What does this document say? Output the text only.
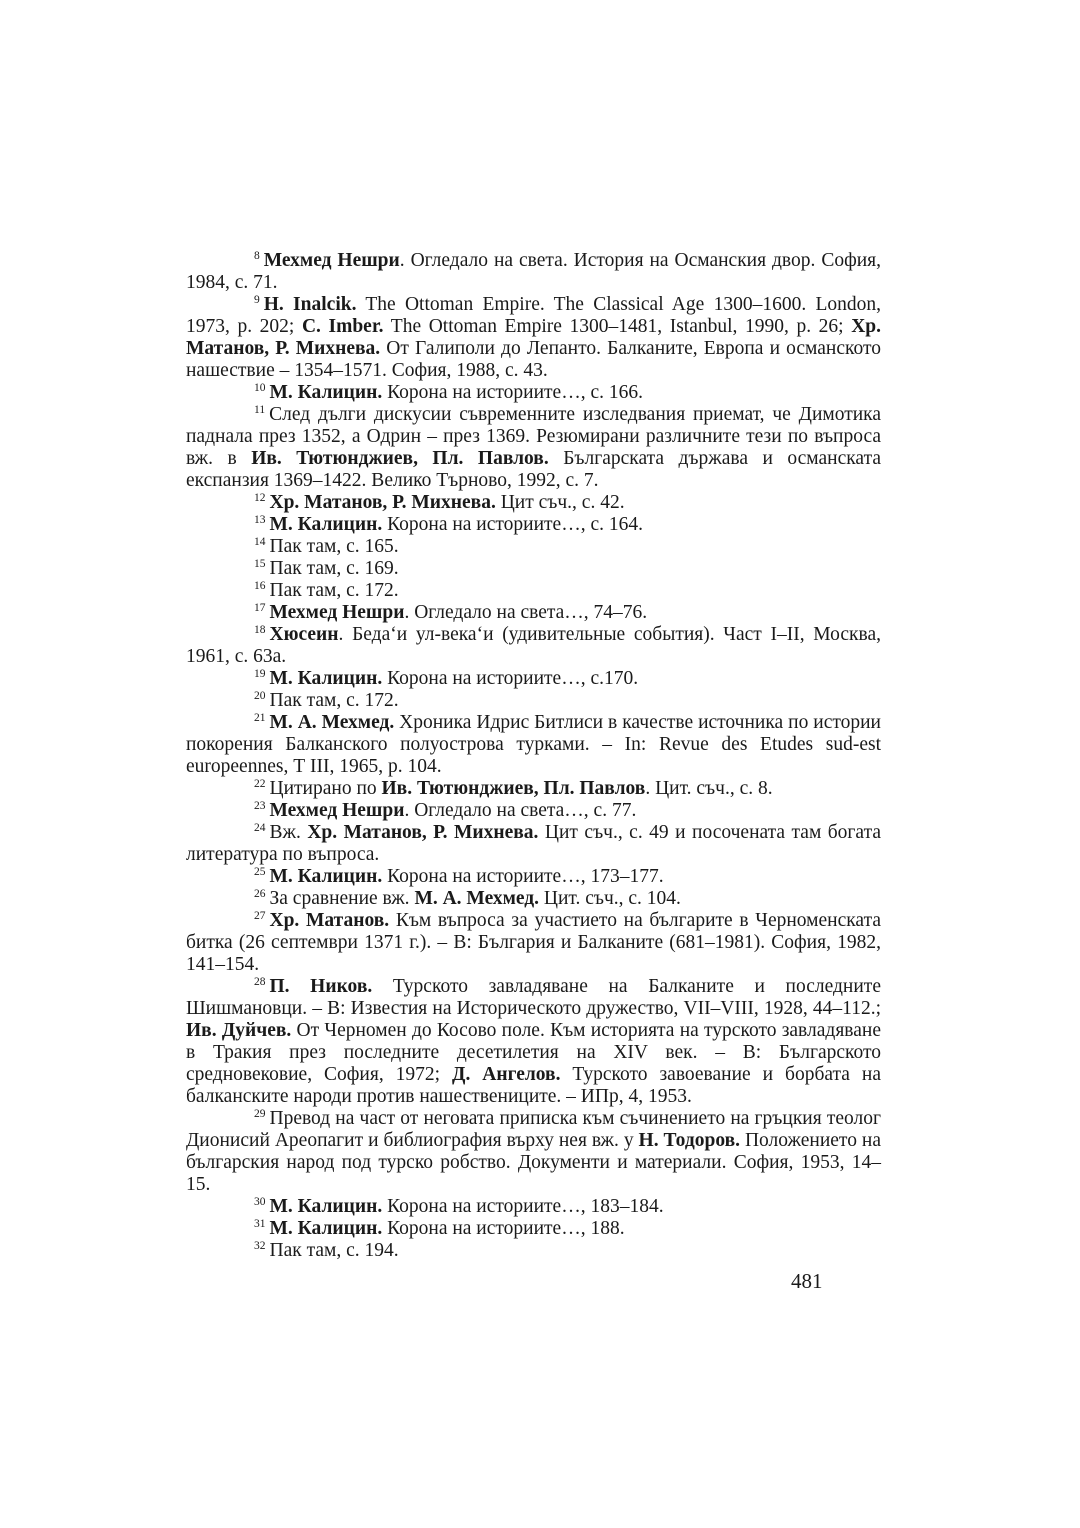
$^8$ Мехмед Нешри. Огледало на света. История на Османския двор. София, 1984, с. 71.

$^9$ H. Inalcik. The Ottoman Empire. The Classical Age 1300–1600. London, 1973, p. 202; C. Imber. The Ottoman Empire 1300–1481, Istanbul, 1990, p. 26; Хр. Матанов, Р. Михнева. От Галиполи до Лепанто. Балканите, Европа и османското нашествие – 1354–1571. София, 1988, с. 43.

$^{10}$ М. Калицин. Корона на историите…, с. 166.

$^{11}$ След дълги дискусии съвременните изследвания приемат, че Димотика паднала през 1352, а Одрин – през 1369. Резюмирани различните тези по въпроса вж. в Ив. Тютюнджиев, Пл. Павлов. Българската държава и османската експанзия 1369–1422. Велико Търново, 1992, с. 7.

$^{12}$ Хр. Матанов, Р. Михнева. Цит съч., с. 42.

$^{13}$ М. Калицин. Корона на историите…, с. 164.

$^{14}$ Пак там, с. 165.

$^{15}$ Пак там, с. 169.

$^{16}$ Пак там, с. 172.

$^{17}$ Мехмед Нешри. Огледало на света…, 74–76.

$^{18}$ Хюсеин. Беда‘и ул-века‘и (удивительные события). Част I–II, Москва, 1961, с. 63а.

$^{19}$ М. Калицин. Корона на историите…, с.170.

$^{20}$ Пак там, с. 172.

$^{21}$ М. А. Мехмед. Хроника Идрис Битлиси в качестве источника по истории покорения Балканского полуострова турками. – In: Revue des Etudes sud-est europeennes, Т III, 1965, p. 104.

$^{22}$ Цитирано по Ив. Тютюнджиев, Пл. Павлов. Цит. съч., с. 8.

$^{23}$ Мехмед Нешри. Огледало на света…, с. 77.

$^{24}$ Вж. Хр. Матанов, Р. Михнева. Цит съч., с. 49 и посочената там богата литература по въпроса.

$^{25}$ М. Калицин. Корона на историите…, 173–177.

$^{26}$ За сравнение вж. М. А. Мехмед. Цит. съч., с. 104.

$^{27}$ Хр. Матанов. Към въпроса за участието на българите в Черноменската битка (26 септември 1371 г.). – В: България и Балканите (681–1981). София, 1982, 141–154.

$^{28}$ П. Ников. Турското завладяване на Балканите и последните Шишмановци. – В: Известия на Историческото дружество, VII–VIII, 1928, 44–112.; Ив. Дуйчев. От Черномен до Косово поле. Към историята на турското завладяване в Тракия през последните десетилетия на XIV век. – В: Българското средновековие, София, 1972; Д. Ангелов. Турското завоевание и борбата на балканските народи против нашествениците. – ИПр, 4, 1953.

$^{29}$ Превод на част от неговата приписка към съчинението на гръцкия теолог Дионисий Ареопагит и библиография върху нея вж. у Н. Тодоров. Положението на българския народ под турско робство. Документи и материали. София, 1953, 14–15.

$^{30}$ М. Калицин. Корона на историите…, 183–184.

$^{31}$ М. Калицин. Корона на историите…, 188.

$^{32}$ Пак там, с. 194.

481
